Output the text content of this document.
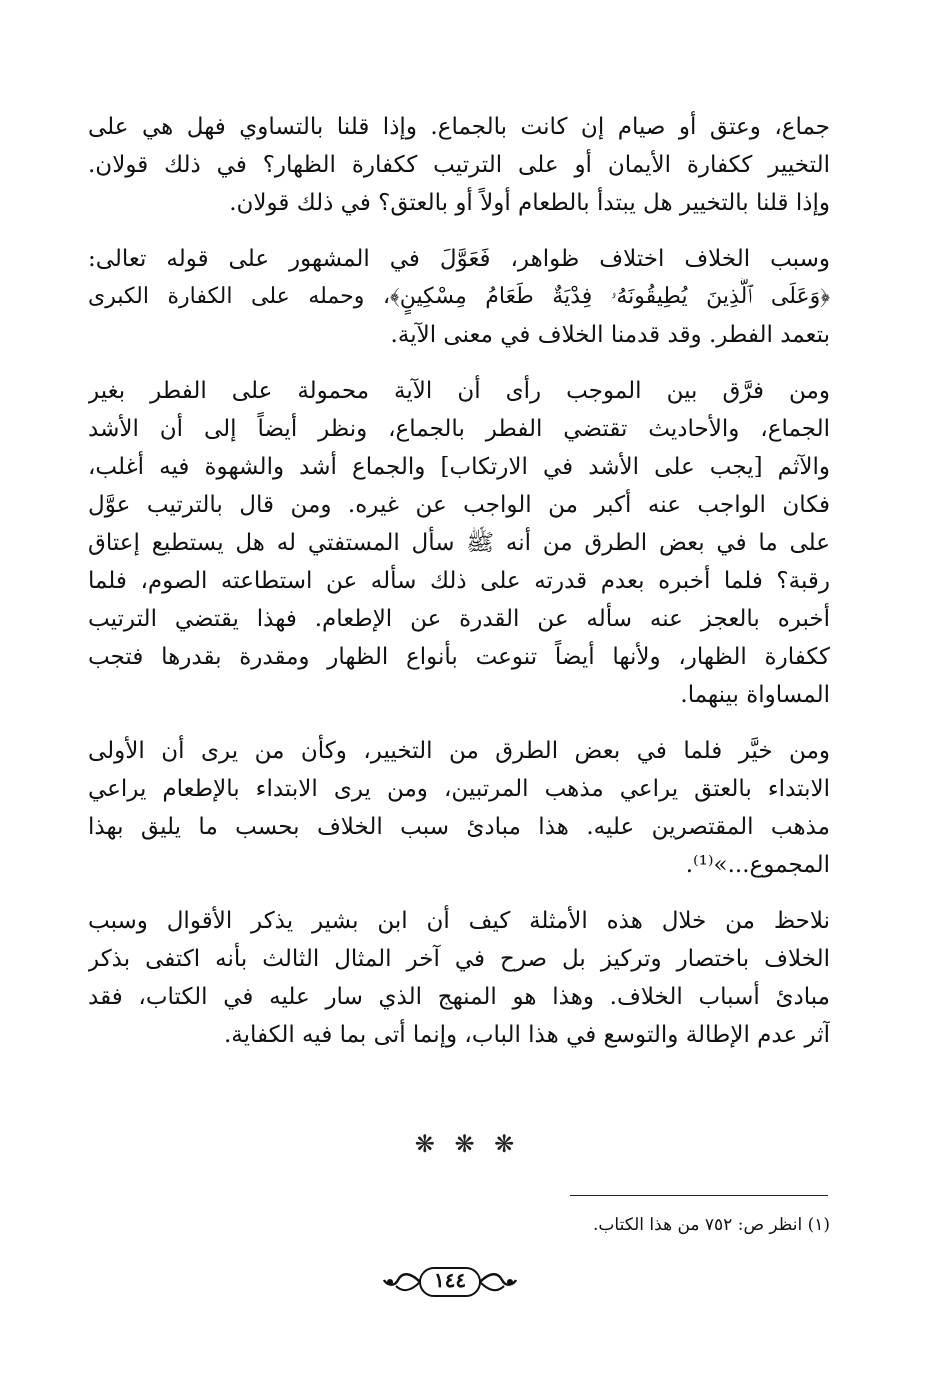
جماع، وعتق أو صيام إن كانت بالجماع. وإذا قلنا بالتساوي فهل هي على
التخيير ككفارة الأيمان أو على الترتيب ككفارة الظهار؟ في ذلك قولان.
وإذا قلنا بالتخيير هل يبتدأ بالطعام أولاً أو بالعتق؟ في ذلك قولان.
وسبب الخلاف اختلاف ظواهر، فَعَوَّلَ في المشهور على قوله تعالى:
﴿وَعَلَى ٱلَّذِينَ يُطِيقُونَهُۥ فِدْيَةٌ طَعَامُ مِسْكِينٍ﴾، وحمله على الكفارة الكبرى
بتعمد الفطر. وقد قدمنا الخلاف في معنى الآية.
ومن فرَّق بين الموجب رأى أن الآية محمولة على الفطر بغير
الجماع، والأحاديث تقتضي الفطر بالجماع، ونظر أيضاً إلى أن الأشد
والآثم [يجب على الأشد في الارتكاب] والجماع أشد والشهوة فيه أغلب،
فكان الواجب عنه أكبر من الواجب عن غيره. ومن قال بالترتيب عوَّل
على ما في بعض الطرق من أنه ﷺ سأل المستفتي له هل يستطيع إعتاق
رقبة؟ فلما أخبره بعدم قدرته على ذلك سأله عن استطاعته الصوم، فلما
أخبره بالعجز عنه سأله عن القدرة عن الإطعام. فهذا يقتضي الترتيب
ككفارة الظهار، ولأنها أيضاً تنوعت بأنواع الظهار ومقدرة بقدرها فتجب
المساواة بينهما.
ومن خيَّر فلما في بعض الطرق من التخيير، وكأن من يرى أن الأولى
الابتداء بالعتق يراعي مذهب المرتبين، ومن يرى الابتداء بالإطعام يراعي
مذهب المقتصرين عليه. هذا مبادئ سبب الخلاف بحسب ما يليق بهذا
المجموع...»⁽¹⁾.
نلاحظ من خلال هذه الأمثلة كيف أن ابن بشير يذكر الأقوال وسبب
الخلاف باختصار وتركيز بل صرح في آخر المثال الثالث بأنه اكتفى بذكر
مبادئ أسباب الخلاف. وهذا هو المنهج الذي سار عليه في الكتاب، فقد
آثر عدم الإطالة والتوسع في هذا الباب، وإنما أتى بما فيه الكفاية.
❋ ❋ ❋
(١) انظر ص: ٧٥٢ من هذا الكتاب.
١٤٤
